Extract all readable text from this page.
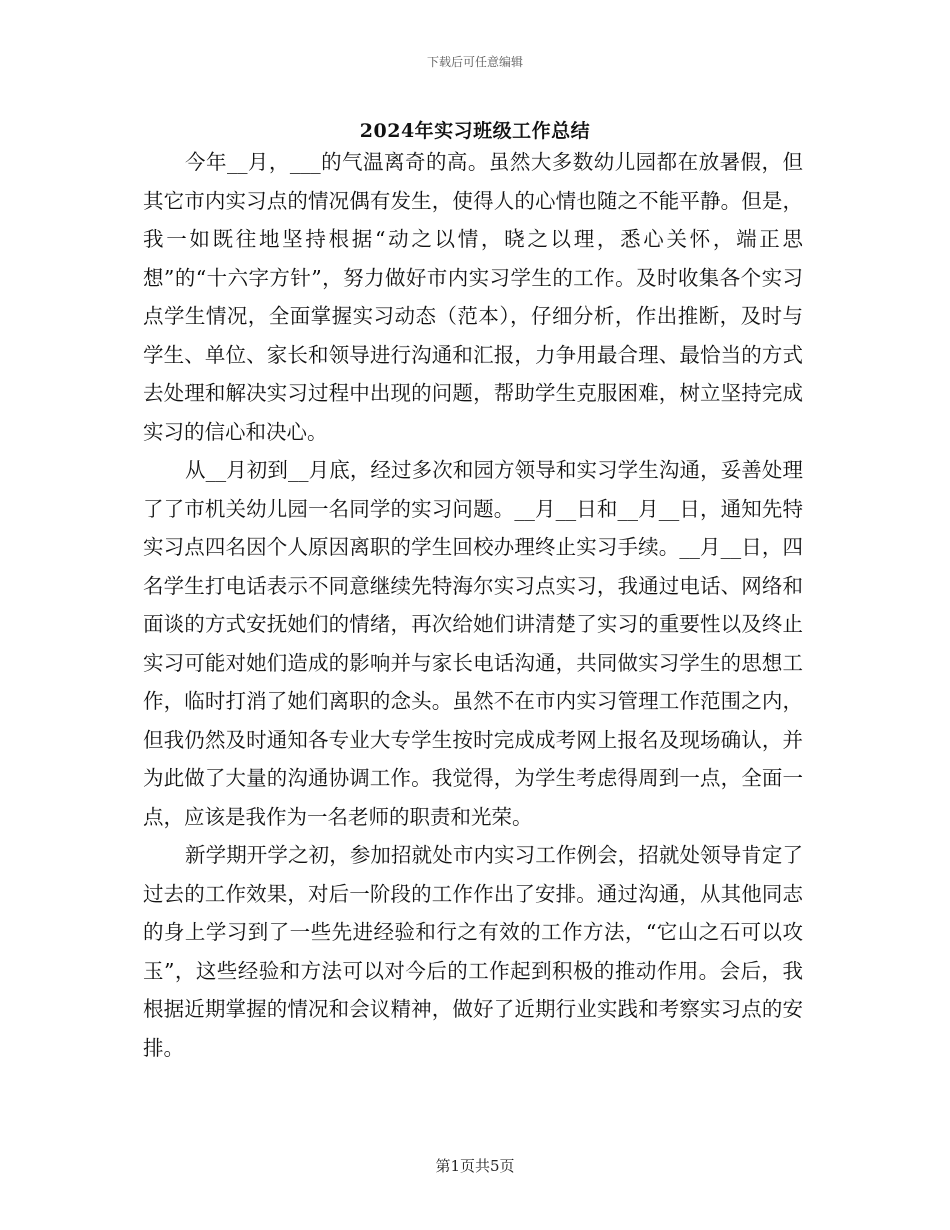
下载后可任意编辑
2024年实习班级工作总结

今年__月，___的气温离奇的高。虽然大多数幼儿园都在放暑假，但其它市内实习点的情况偶有发生，使得人的心情也随之不能平静。但是，我一如既往地坚持根据“动之以情，晓之以理，悉心关怀，端正思想”的“十六字方针”，努力做好市内实习学生的工作。及时收集各个实习点学生情况，全面掌握实习动态（范本），仔细分析，作出推断，及时与学生、单位、家长和领导进行沟通和汇报，力争用最合理、最恰当的方式去处理和解决实习过程中出现的问题，帮助学生克服困难，树立坚持完成实习的信心和决心。

从__月初到__月底，经过多次和园方领导和实习学生沟通，妥善处理了了市机关幼儿园一名同学的实习问题。__月__日和__月__日，通知先特实习点四名因个人原因离职的学生回校办理终止实习手续。__月__日，四名学生打电话表示不同意继续先特海尔实习点实习，我通过电话、网络和面谈的方式安抚她们的情绪，再次给她们讲清楚了实习的重要性以及终止实习可能对她们造成的影响并与家长电话沟通，共同做实习学生的思想工作，临时打消了她们离职的念头。虽然不在市内实习管理工作范围之内，但我仍然及时通知各专业大专学生按时完成成考网上报名及现场确认，并为此做了大量的沟通协调工作。我觉得，为学生考虑得周到一点，全面一点，应该是我作为一名老师的职责和光荣。

新学期开学之初，参加招就处市内实习工作例会，招就处领导肯定了过去的工作效果，对后一阶段的工作作出了安排。通过沟通，从其他同志的身上学习到了一些先进经验和行之有效的工作方法，“它山之石可以攻玉”，这些经验和方法可以对今后的工作起到积极的推动作用。会后，我根据近期掌握的情况和会议精神，做好了近期行业实践和考察实习点的安排。

第1页共5页
